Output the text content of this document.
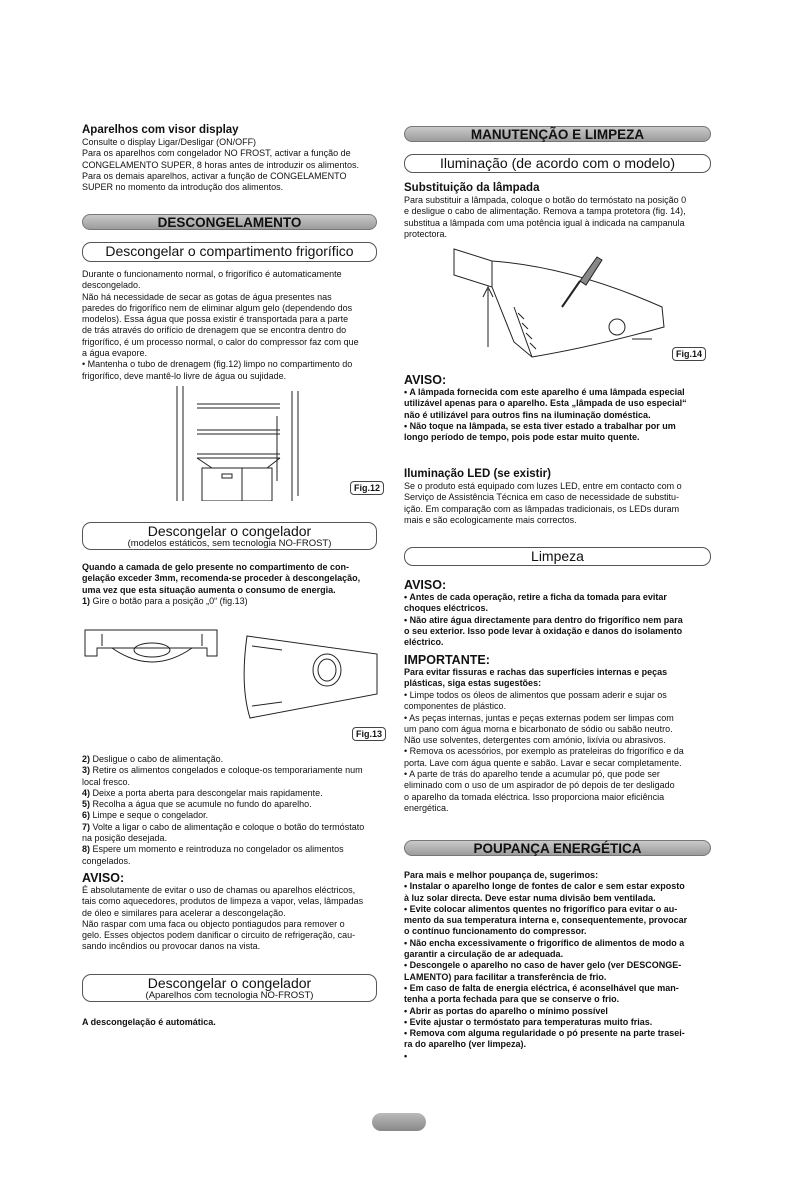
Aparelhos com visor display

Consulte o display Ligar/Desligar (ON/OFF)

Para os aparelhos com congelador NO FROST, activar a função de

CONGELAMENTO SUPER, 8 horas antes de introduzir os alimentos.

Para os demais aparelhos, activar a função de CONGELAMENTO

SUPER no momento da introdução dos alimentos.

DESCONGELAMENTO
Descongelar o compartimento frigorífico

Durante o funcionamento normal, o frigorífico é automaticamente

descongelado.

Não há necessidade de secar as gotas de água presentes nas

paredes do frigorífico nem de eliminar algum gelo (dependendo dos

modelos). Essa água que possa existir é transportada para a parte

de trás através do orifício de drenagem que se encontra dentro do

frigorífico, é um processo normal, o calor do compressor faz com que

a água evapore.

• Mantenha o tubo de drenagem (fig.12) limpo no compartimento do

frigorífico, deve mantê-lo livre de água ou sujidade.

Fig.12
Descongelar o congelador
(modelos estáticos, sem tecnologia NO-FROST)

Quando a camada de gelo presente no compartimento de con-

gelação exceder 3mm, recomenda-se proceder à descongelação,

uma vez que esta situação aumenta o consumo de energia.

1) Gire o botão para a posição „0“ (fig.13)
Fig.13

2) Desligue o cabo de alimentação.

3) Retire os alimentos congelados e coloque-os temporariamente num

local fresco.

4) Deixe a porta aberta para descongelar mais rapidamente.

5) Recolha a água que se acumule no fundo do aparelho.

6) Limpe e seque o congelador.

7) Volte a ligar o cabo de alimentação e coloque o botão do termóstato

na posição desejada.

8) Espere um momento e reintroduza no congelador os alimentos

congelados.

AVISO:

É absolutamente de evitar o uso de chamas ou aparelhos eléctricos,

tais como aquecedores, produtos de limpeza a vapor, velas, lâmpadas

de óleo e similares para acelerar a descongelação.

Não raspar com uma faca ou objecto pontiagudos para remover o

gelo. Esses objectos podem danificar o circuito de refrigeração, cau-

sando incêndios ou provocar danos na vista.

Descongelar o congelador
(Aparelhos com tecnologia NO-FROST)

A descongelação é automática.

MANUTENÇÃO E LIMPEZA
Iluminação (de acordo com o modelo)

Substituição da lâmpada

Para substituir a lâmpada, coloque o botão do termóstato na posição 0

e desligue o cabo de alimentação. Remova a tampa protetora (fig. 14),

substitua a lâmpada com uma potência igual à indicada na campanula

protectora.

Fig.14

AVISO:

• A lâmpada fornecida com este aparelho é uma lâmpada especial

utilizável apenas para o aparelho. Esta „lâmpada de uso especial“

não é utilizável para outros fins na iluminação doméstica.

• Não toque na lâmpada, se esta tiver estado a trabalhar por um

longo período de tempo, pois pode estar muito quente.

Iluminação LED (se existir)

Se o produto está equipado com luzes LED, entre em contacto com o

Serviço de Assistência Técnica em caso de necessidade de substitu-

ição. Em comparação com as lâmpadas tradicionais, os LEDs duram

mais e são ecologicamente mais correctos.

Limpeza

AVISO:

• Antes de cada operação, retire a ficha da tomada para evitar

choques eléctricos.

• Não atire água directamente para dentro do frigorífico nem para

o seu exterior. Isso pode levar à oxidação e danos do isolamento

eléctrico.

IMPORTANTE:

Para evitar fissuras e rachas das superfícies internas e peças

plásticas, siga estas sugestões:

• Limpe todos os óleos de alimentos que possam aderir e sujar os

componentes de plástico.

• As peças internas, juntas e peças externas podem ser limpas com

um pano com água morna e bicarbonato de sódio ou sabão neutro.

Não use solventes, detergentes com amónio, lixívia ou abrasivos.

• Remova os acessórios, por exemplo as prateleiras do frigorífico e da

porta. Lave com água quente e sabão. Lavar e secar completamente.

• A parte de trás do aparelho tende a acumular pó, que pode ser

eliminado com o uso de um aspirador de pó depois de ter desligado

o aparelho da tomada eléctrica. Isso proporciona maior eficiência

energética.

POUPANÇA ENERGÉTICA

Para mais e melhor poupança de, sugerimos:

• Instalar o aparelho longe de fontes de calor e sem estar exposto

à luz solar directa. Deve estar numa divisão bem ventilada.

• Evite colocar alimentos quentes no frigorífico para evitar o au-

mento da sua temperatura interna e, consequentemente, provocar

o contínuo funcionamento do compressor.

• Não encha excessivamente o frigorífico de alimentos de modo a

garantir a circulação de ar adequada.

• Descongele o aparelho no caso de haver gelo (ver DESCONGE-

LAMENTO) para facilitar a transferência de frio.

• Em caso de falta de energia eléctrica, é aconselhável que man-

tenha a porta fechada para que se conserve o frio.

• Abrir as portas do aparelho o mínimo possível

• Evite ajustar o termóstato para temperaturas muito frias.

• Remova com alguma regularidade o pó presente na parte trasei-

ra do aparelho (ver limpeza).

•
